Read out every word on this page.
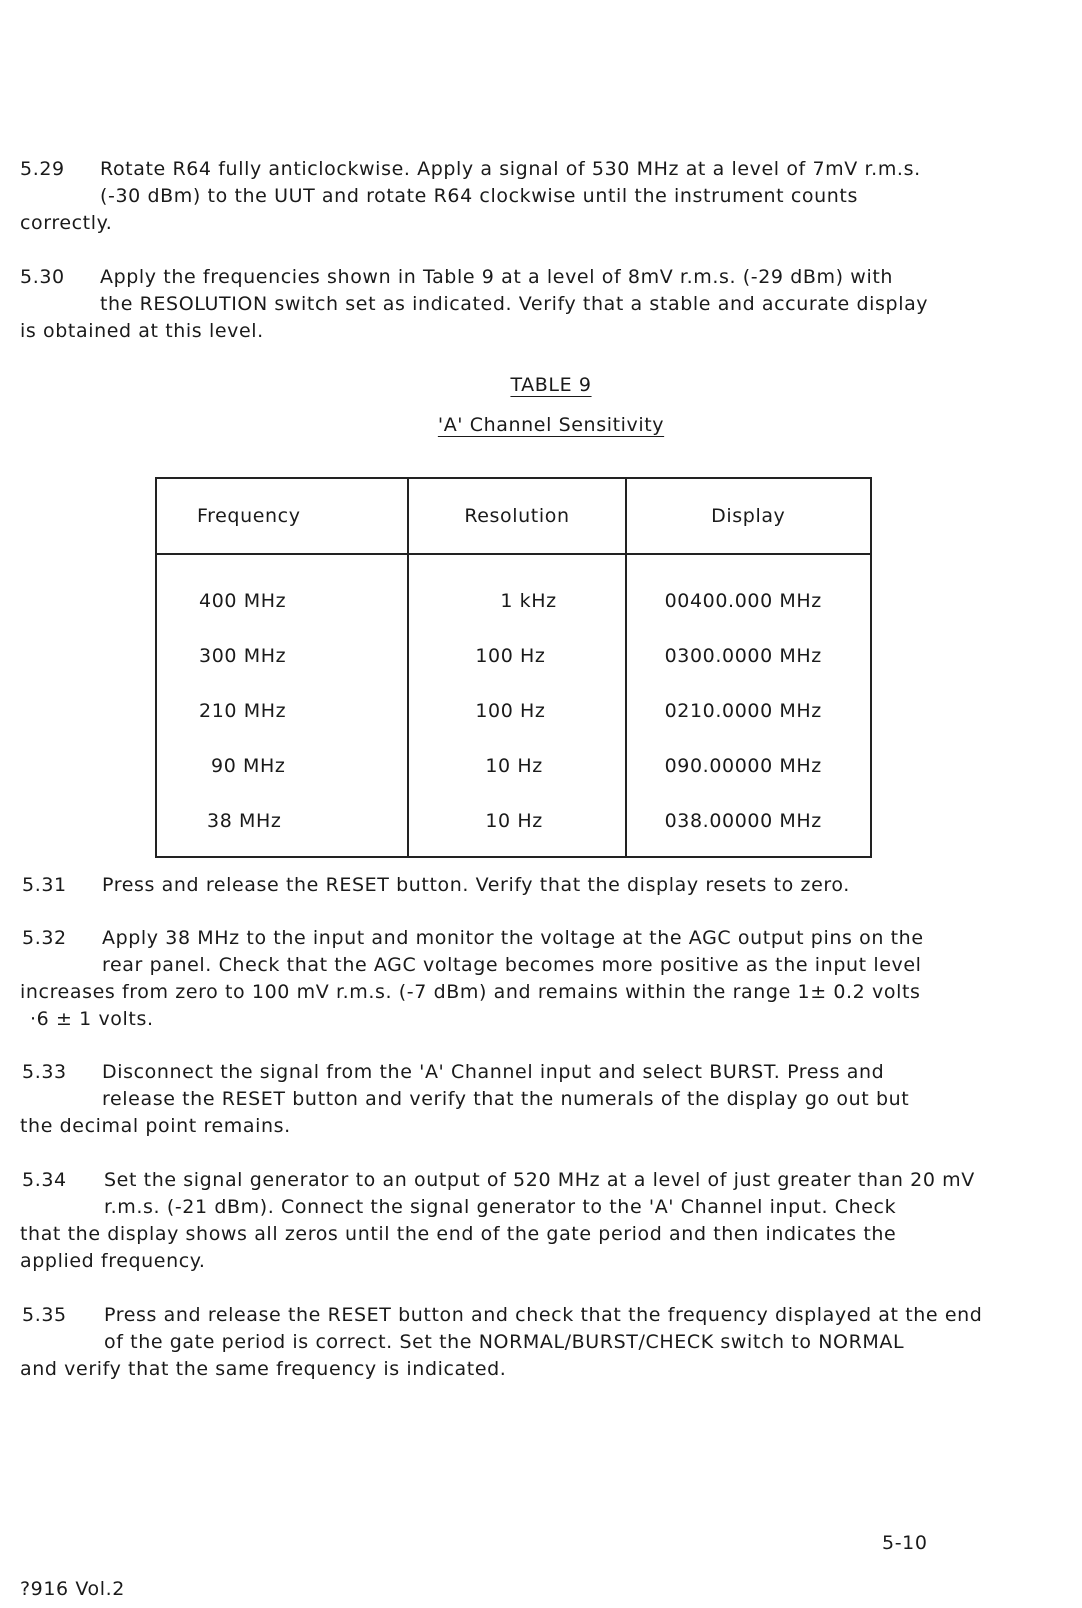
5.29 Rotate R64 fully anticlockwise. Apply a signal of 530 MHz at a level of 7mV r.m.s.
(-30 dBm) to the UUT and rotate R64 clockwise until the instrument counts
correctly.
5.30 Apply the frequencies shown in Table 9 at a level of 8mV r.m.s. (-29 dBm) with
the RESOLUTION switch set as indicated. Verify that a stable and accurate display
is obtained at this level.
TABLE 9
'A' Channel Sensitivity
Frequency	Resolution	Display
400 MHz	1 kHz	00400.000 MHz
300 MHz	100 Hz	0300.0000 MHz
210 MHz	100 Hz	0210.0000 MHz
90 MHz	10 Hz	090.00000 MHz
38 MHz	10 Hz	038.00000 MHz
5.31 Press and release the RESET button. Verify that the display resets to zero.
5.32 Apply 38 MHz to the input and monitor the voltage at the AGC output pins on the
rear panel. Check that the AGC voltage becomes more positive as the input level
increases from zero to 100 mV r.m.s. (-7 dBm) and remains within the range 1± 0.2 volts
·6 ± 1 volts.
5.33 Disconnect the signal from the 'A' Channel input and select BURST. Press and
release the RESET button and verify that the numerals of the display go out but
the decimal point remains.
5.34 Set the signal generator to an output of 520 MHz at a level of just greater than 20 mV
r.m.s. (-21 dBm). Connect the signal generator to the 'A' Channel input. Check
that the display shows all zeros until the end of the gate period and then indicates the
applied frequency.
5.35 Press and release the RESET button and check that the frequency displayed at the end
of the gate period is correct. Set the NORMAL/BURST/CHECK switch to NORMAL
and verify that the same frequency is indicated.
5-10
?916 Vol.2
